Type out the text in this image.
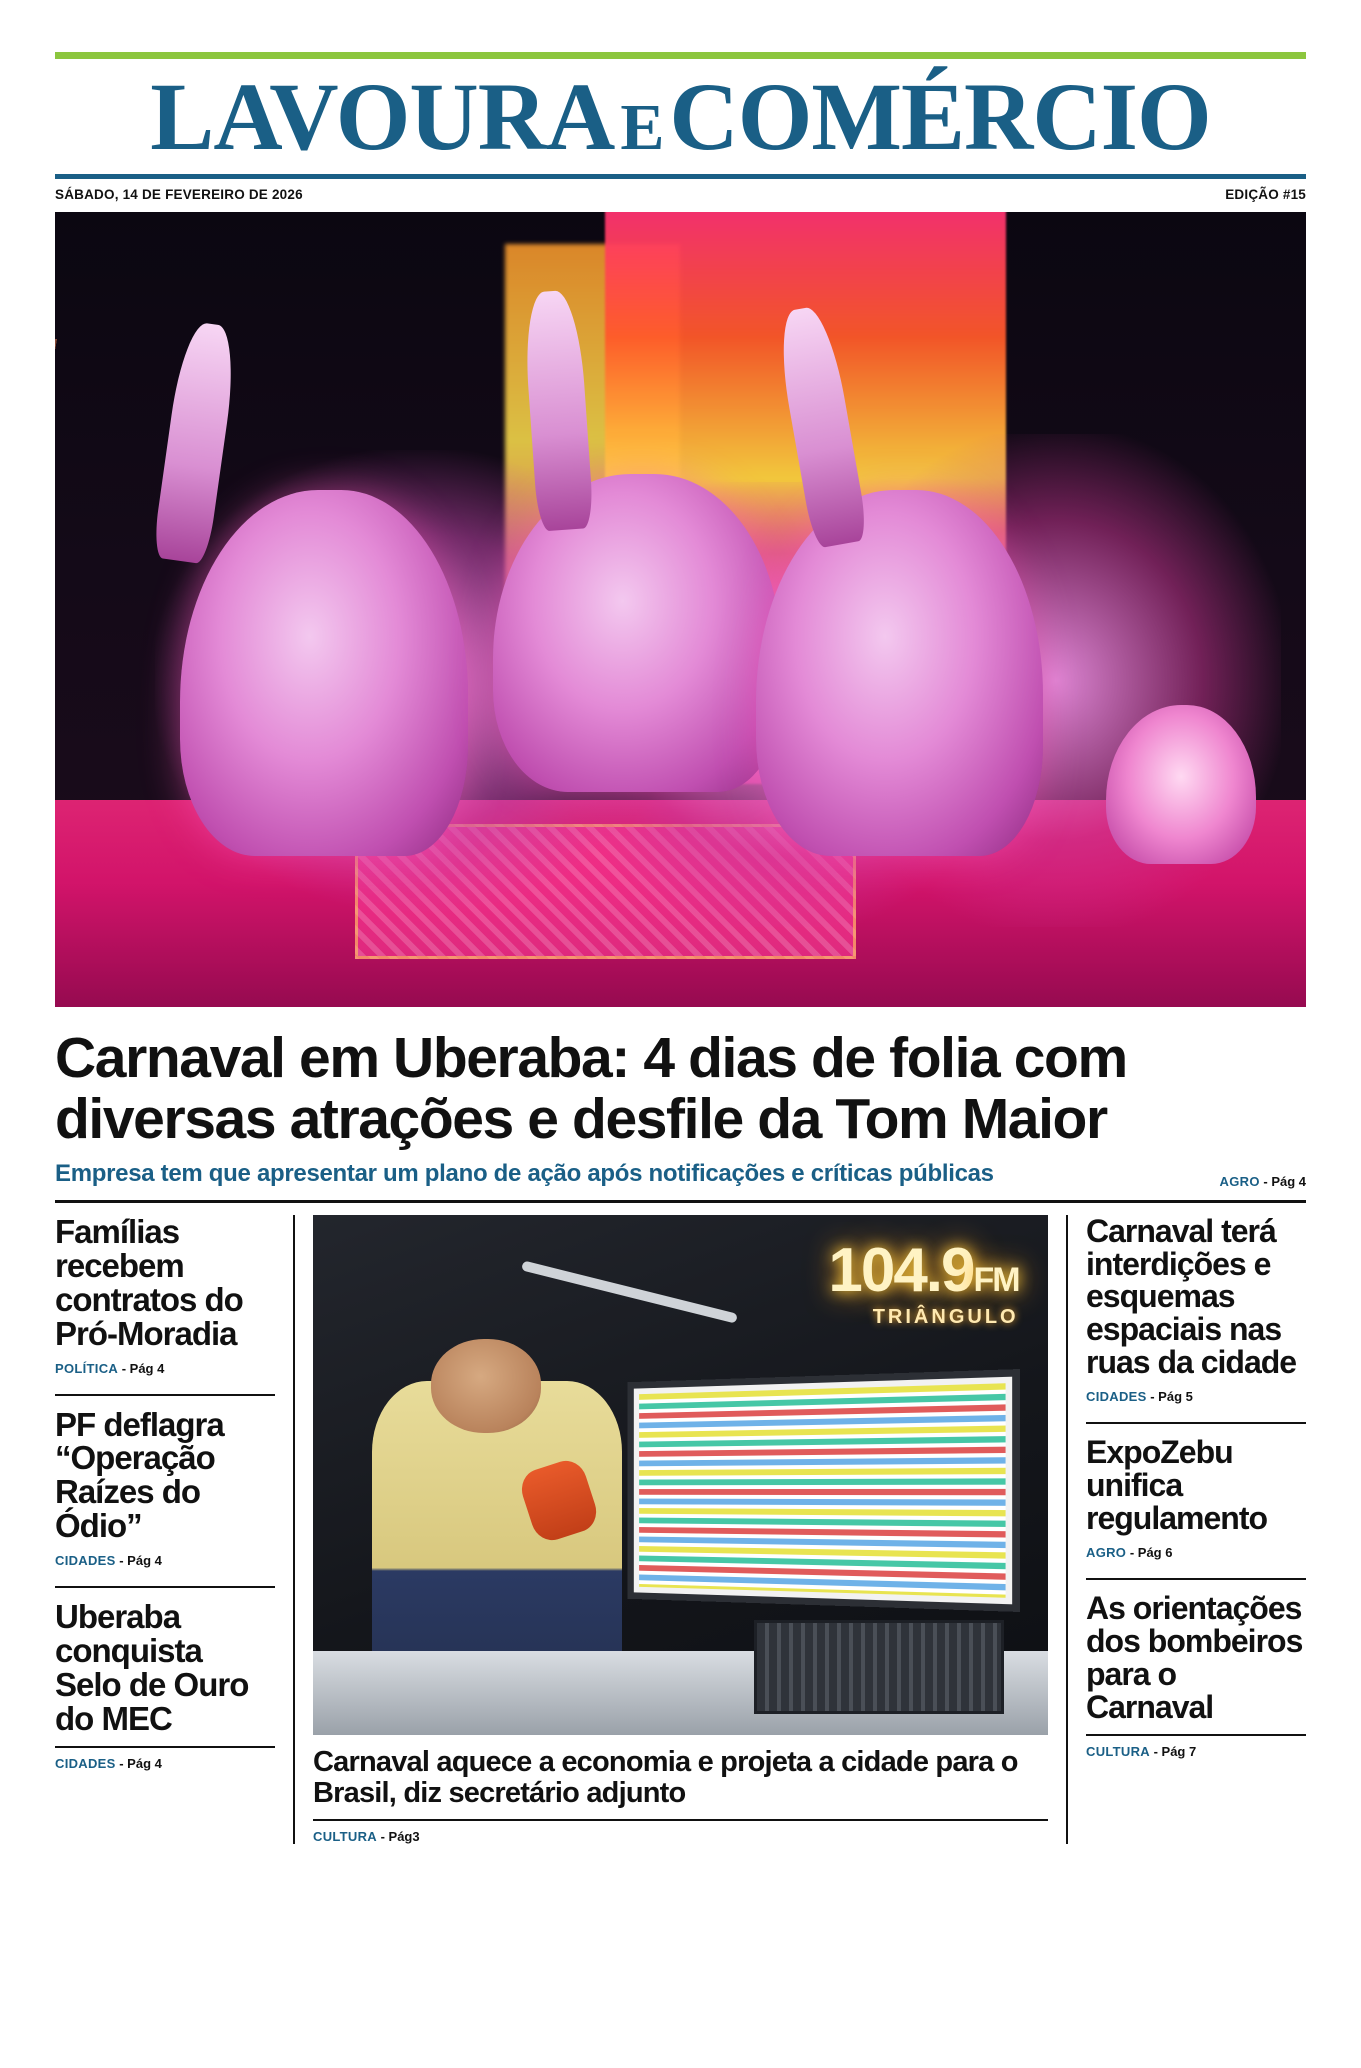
LAVOURAECOMÉRCIO
SÁBADO, 14 DE FEVEREIRO DE 2026	EDIÇÃO #15
Carnaval em Uberaba: 4 dias de folia com diversas atrações e desfile da Tom Maior
Empresa tem que apresentar um plano de ação após notificações e críticas públicas	AGRO - Pág 4
Famílias recebem contratos do Pró-Moradia
POLÍTICA - Pág 4
PF deflagra “Operação Raízes do Ódio”
CIDADES - Pág 4
Uberaba conquista Selo de Ouro do MEC
CIDADES - Pág 4
104.9FM
TRIÂNGULO
Carnaval aquece a economia e projeta a cidade para o Brasil, diz secretário adjunto
CULTURA - Pág3
Carnaval terá interdições e esquemas espaciais nas ruas da cidade
CIDADES - Pág 5
ExpoZebu unifica regulamento
AGRO - Pág 6
As orientações dos bombeiros para o Carnaval
CULTURA - Pág 7
